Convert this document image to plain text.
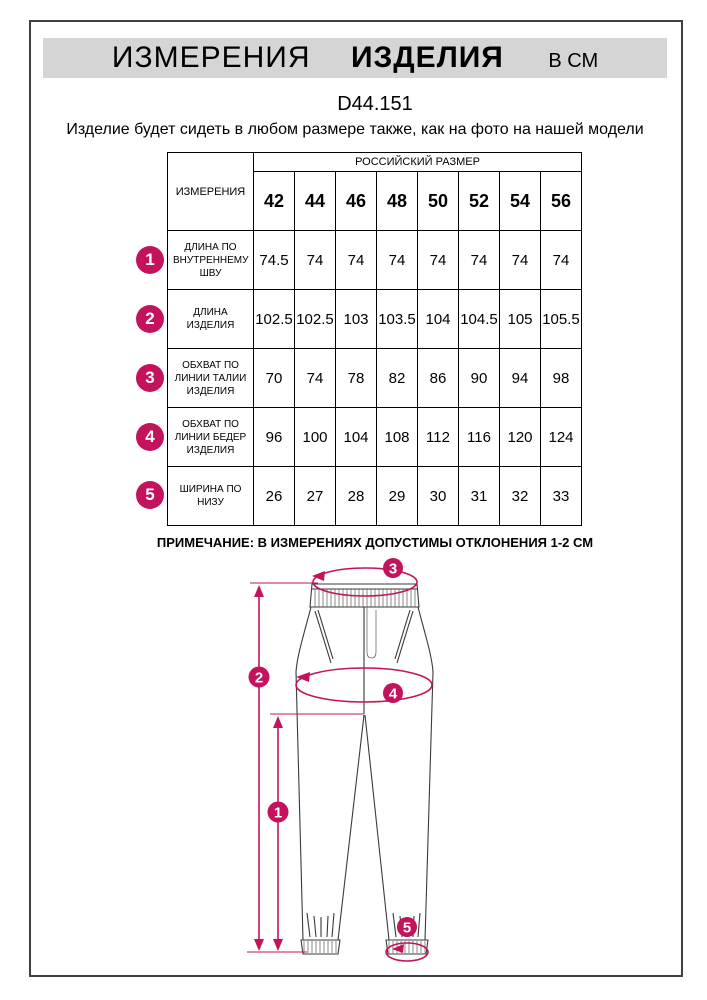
ИЗМЕРЕНИЯ ИЗДЕЛИЯ В СМ
D44.151
Изделие будет сидеть в любом размере также, как на фото на нашей модели
ИЗМЕРЕНИЯ	РОССИЙСКИЙ РАЗМЕР							
	42	44	46	48	50	52	54	56
ДЛИНА ПО ВНУТРЕННЕМУ ШВУ	74.5	74	74	74	74	74	74	74
ДЛИНА ИЗДЕЛИЯ	102.5	102.5	103	103.5	104	104.5	105	105.5
ОБХВАТ ПО ЛИНИИ ТАЛИИ ИЗДЕЛИЯ	70	74	78	82	86	90	94	98
ОБХВАТ ПО ЛИНИИ БЕДЕР ИЗДЕЛИЯ	96	100	104	108	112	116	120	124
ШИРИНА ПО НИЗУ	26	27	28	29	30	31	32	33
1
2
3
4
5
ПРИМЕЧАНИЕ: В ИЗМЕРЕНИЯХ ДОПУСТИМЫ ОТКЛОНЕНИЯ 1-2 СМ
3
2
4
1
5
